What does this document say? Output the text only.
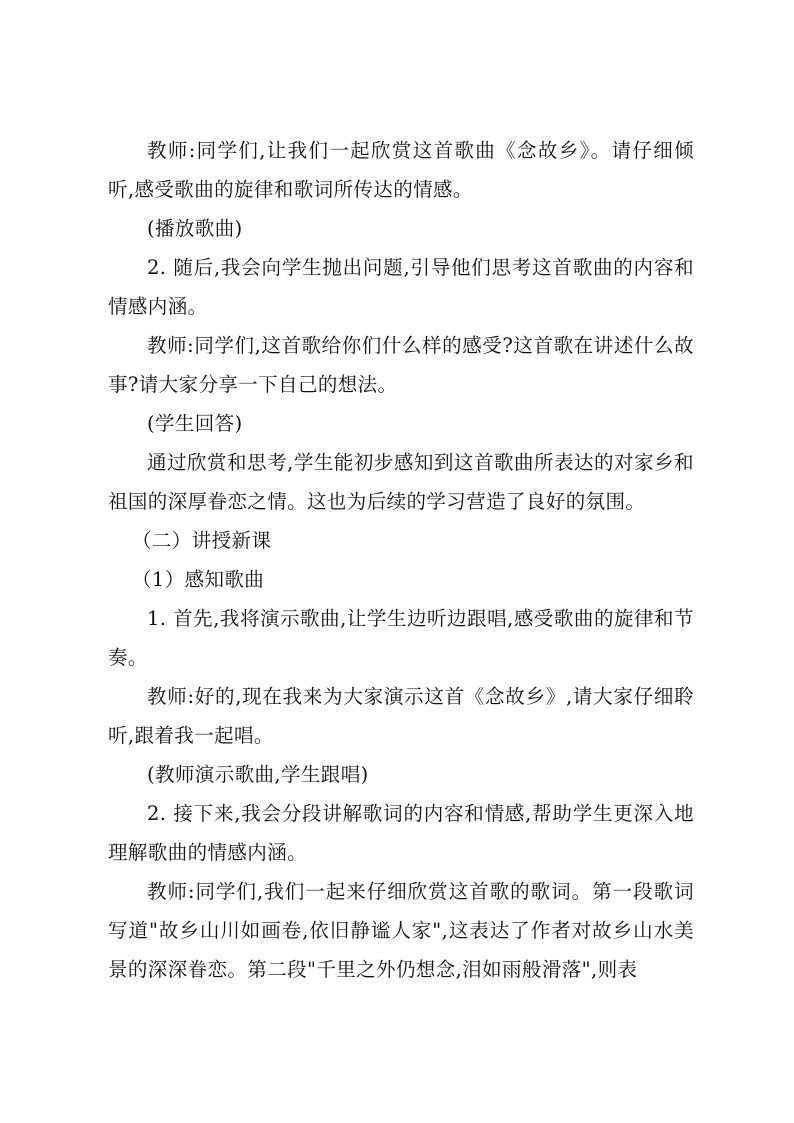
教师:同学们,让我们一起欣赏这首歌曲《念故乡》。请仔细倾听,感受歌曲的旋律和歌词所传达的情感。

(播放歌曲)

2. 随后,我会向学生抛出问题,引导他们思考这首歌曲的内容和情感内涵。

教师:同学们,这首歌给你们什么样的感受?这首歌在讲述什么故事?请大家分享一下自己的想法。

(学生回答)

通过欣赏和思考,学生能初步感知到这首歌曲所表达的对家乡和祖国的深厚眷恋之情。这也为后续的学习营造了良好的氛围。

（二）讲授新课

（1）感知歌曲

1. 首先,我将演示歌曲,让学生边听边跟唱,感受歌曲的旋律和节奏。

教师:好的,现在我来为大家演示这首《念故乡》,请大家仔细聆听,跟着我一起唱。

(教师演示歌曲,学生跟唱)

2. 接下来,我会分段讲解歌词的内容和情感,帮助学生更深入地理解歌曲的情感内涵。

教师:同学们,我们一起来仔细欣赏这首歌的歌词。第一段歌词写道"故乡山川如画卷,依旧静谧人家",这表达了作者对故乡山水美景的深深眷恋。第二段"千里之外仍想念,泪如雨般滑落",则表
